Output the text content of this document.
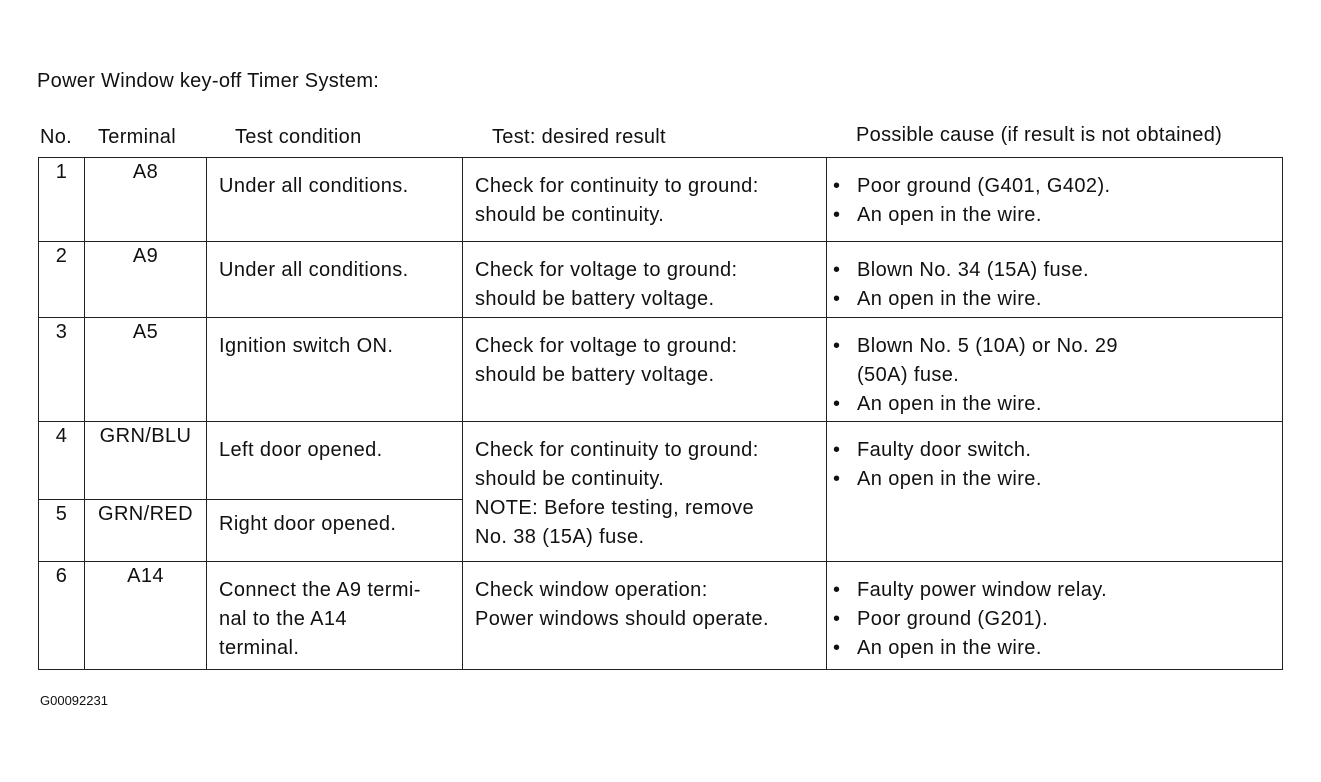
Power Window key-off Timer System:
No. Terminal	Test condition	Test: desired result	Possible cause (if result is not obtained)
1	A8	Under all conditions.	Check for continuity to ground:
should be continuity.	• Poor ground (G401, G402).
• An open in the wire.

2	A9	Under all conditions.	Check for voltage to ground:
should be battery voltage.	• Blown No. 34 (15A) fuse.
• An open in the wire.

3	A5	Ignition switch ON.	Check for voltage to ground:
should be battery voltage.	• Blown No. 5 (10A) or No. 29
(50A) fuse.
• An open in the wire.

4	GRN/BLU	Left door opened.	Check for continuity to ground:
should be continuity.
NOTE: Before testing, remove
No. 38 (15A) fuse.	• Faulty door switch.
• An open in the wire.

5	GRN/RED	Right door opened.		

6	A14	Connect the A9 termi-
nal to the A14
terminal.	Check window operation:
Power windows should operate.	• Faulty power window relay.
• Poor ground (G201).
• An open in the wire.
G00092231
